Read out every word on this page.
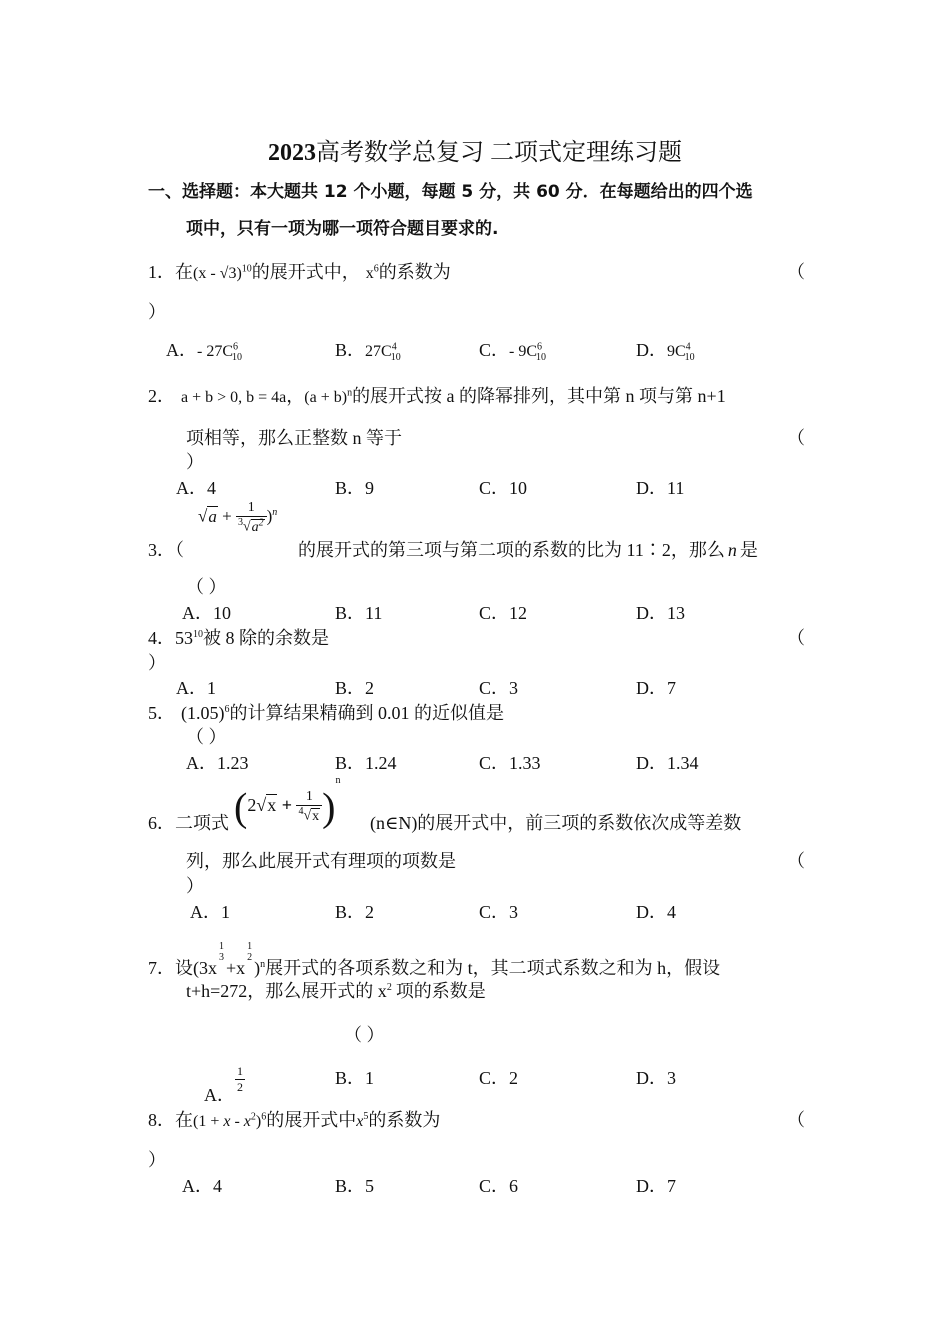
2023高考数学总复习 二项式定理练习题
一、选择题：本大题共 12 个小题，每题 5 分，共 60 分．在每题给出的四个选
项中，只有一项为哪一项符合题目要求的.
1．在(x - √3)$^{10}$的展开式中， $x^6$的系数为	（
）
A．- $27C^6_{10}$	B．$27C^4_{10}$	C．- $9C^6_{10}$	D．$9C^4_{10}$
2． a + b > 0, b = 4a，$(a + b)^n$的展开式按 a 的降幂排列，其中第 n 项与第 n+1
项相等，那么正整数 n 等于	（
）
A．4	B．9	C．10	D．11
3．（
$√a + \frac{1}{^3√a^2} )^n$
的展开式的第三项与第二项的系数的比为 11∶2，那么 n 是
（ ）
A．10	B．11	C．12	D．13
4．$53^{10}$被 8 除的余数是	（
）
A．1	B．2	C．3	D．7
5． $(1.05)^6$的计算结果精确到 0.01 的近似值是
（ ）
A．1.23	B．1.24	C．1.33	D．1.34
6．二项式 $(2√x + \frac{1}{^4√x} )^n$
(n∈N)的展开式中，前三项的系数依次成等差数
列，那么此展开式有理项的项数是	（
）
A．1	B．2	C．3	D．4
7．设(3x
1
3
+x
1
2
)$^n$展开式的各项系数之和为 t，其二项式系数之和为 h，假设
t+h=272，那么展开式的 $x^2$ 项的系数是
（ ）
A． $\frac{1}{2}$	B．1	C．2	D．3
8．在$(1 + x - x^2)^6$的展开式中$x^5$的系数为	（
）
A．4	B．5	C．6	D．7
